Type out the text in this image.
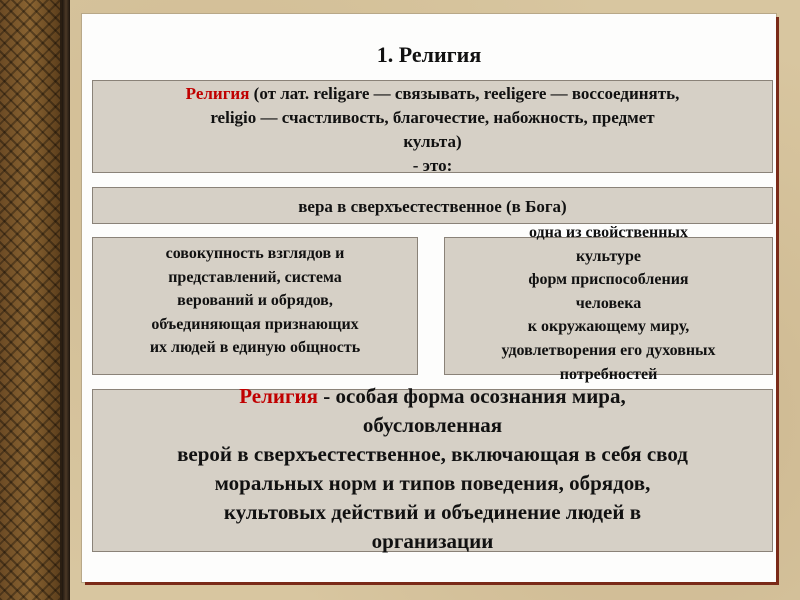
1. Религия
Религия (от лат. religare — связывать, reeligere — воссоединять,
religio — счастливость, благочестие, набожность, предмет
культа)
- это:
вера в сверхъестественное (в Бога)
совокупность взглядов и
представлений, система
верований и обрядов,
объединяющая признающих
их людей в единую общность
одна из свойственных
культуре
форм приспособления
человека
к окружающему миру,
удовлетворения его духовных
потребностей
Религия - особая форма осознания мира,
обусловленная
верой в сверхъестественное, включающая в себя свод
моральных норм и типов поведения, обрядов,
культовых действий и объединение людей в
организации
